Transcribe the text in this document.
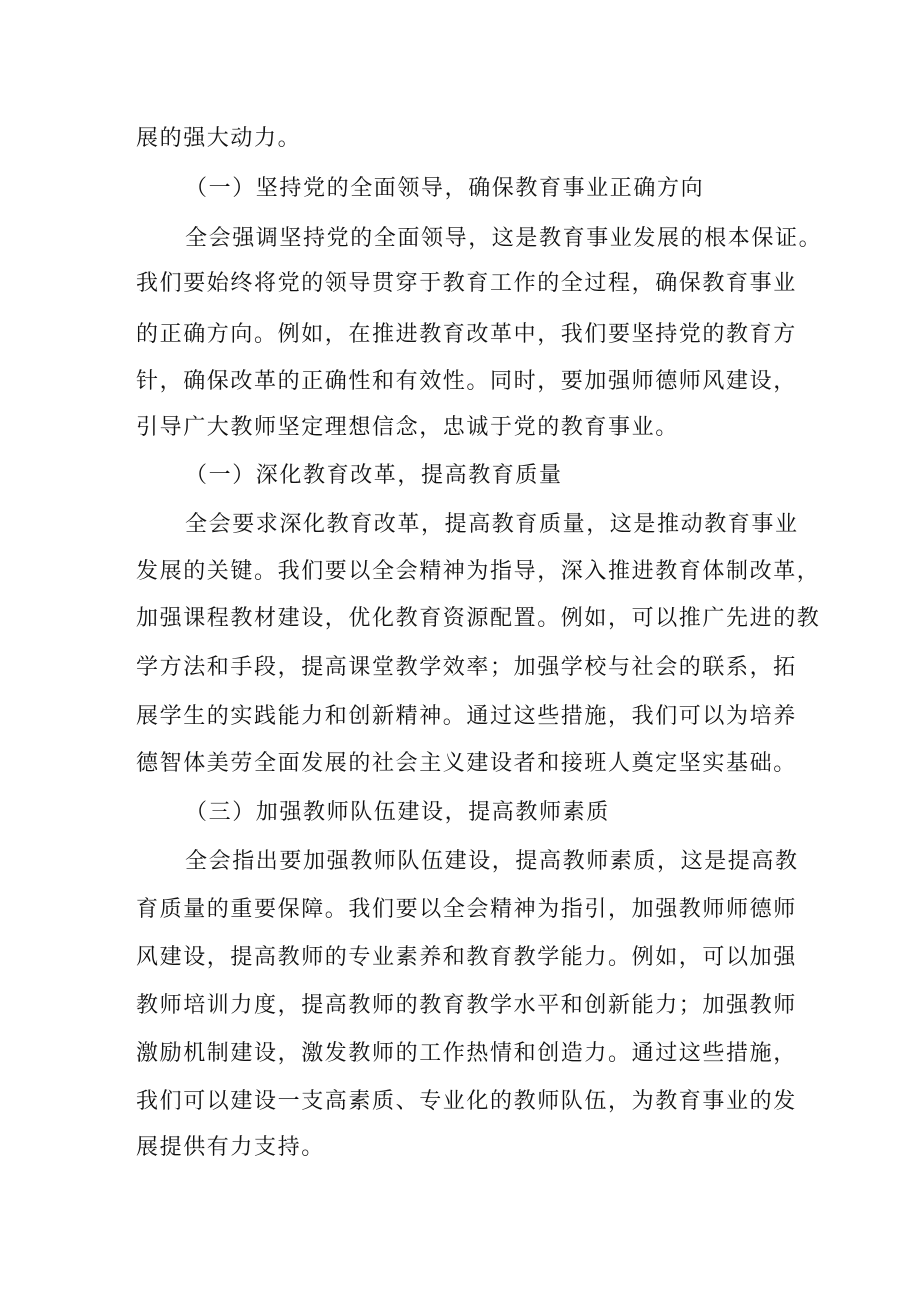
展的强大动力。
（一）坚持党的全面领导，确保教育事业正确方向
全会强调坚持党的全面领导，这是教育事业发展的根本保证。
我们要始终将党的领导贯穿于教育工作的全过程，确保教育事业
的正确方向。例如，在推进教育改革中，我们要坚持党的教育方
针，确保改革的正确性和有效性。同时，要加强师德师风建设，
引导广大教师坚定理想信念，忠诚于党的教育事业。
（一）深化教育改革，提高教育质量
全会要求深化教育改革，提高教育质量，这是推动教育事业
发展的关键。我们要以全会精神为指导，深入推进教育体制改革，
加强课程教材建设，优化教育资源配置。例如，可以推广先进的教
学方法和手段，提高课堂教学效率；加强学校与社会的联系，拓
展学生的实践能力和创新精神。通过这些措施，我们可以为培养
德智体美劳全面发展的社会主义建设者和接班人奠定坚实基础。
（三）加强教师队伍建设，提高教师素质
全会指出要加强教师队伍建设，提高教师素质，这是提高教
育质量的重要保障。我们要以全会精神为指引，加强教师师德师
风建设，提高教师的专业素养和教育教学能力。例如，可以加强
教师培训力度，提高教师的教育教学水平和创新能力；加强教师
激励机制建设，激发教师的工作热情和创造力。通过这些措施，
我们可以建设一支高素质、专业化的教师队伍，为教育事业的发
展提供有力支持。
